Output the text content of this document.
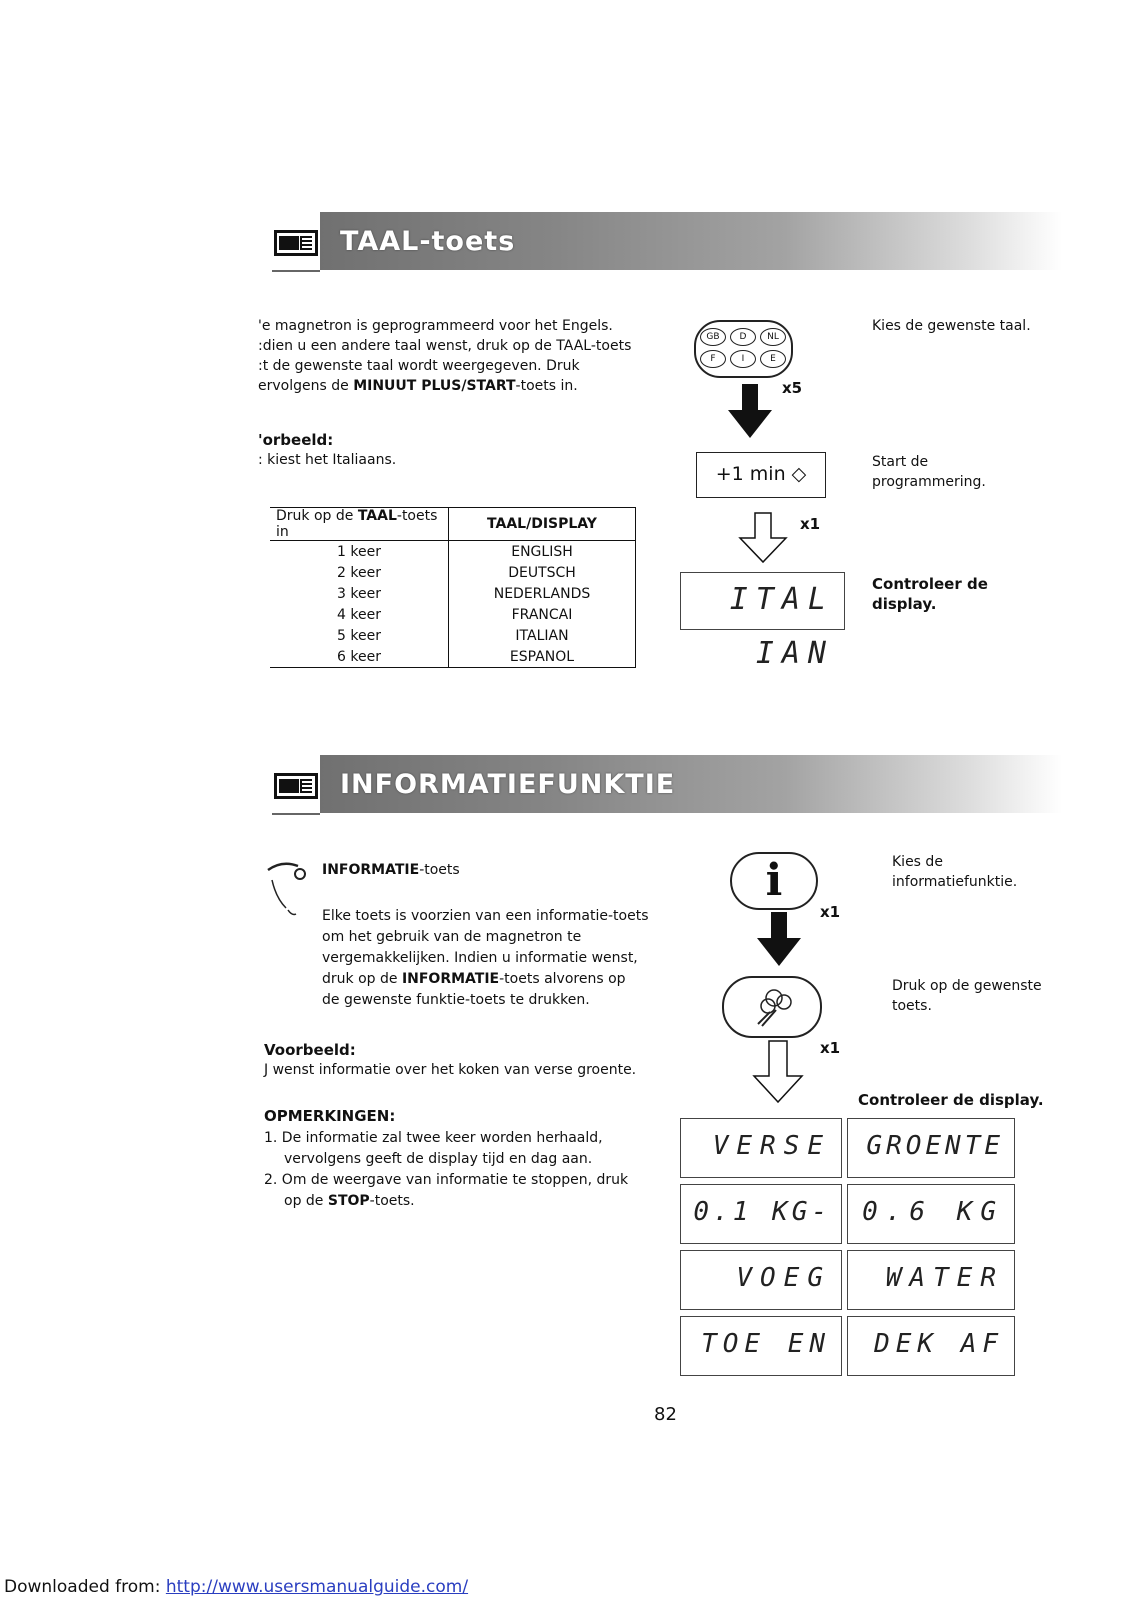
TAAL-toets
'e magnetron is geprogrammeerd voor het Engels.
:dien u een andere taal wenst, druk op de TAAL-toets
:t de gewenste taal wordt weergegeven. Druk
ervolgens de MINUUT PLUS/START-toets in.
'orbeeld:
: kiest het Italiaans.
Druk op de TAAL-toets in	TAAL/DISPLAY
1 keer	ENGLISH
2 keer	DEUTSCH
3 keer	NEDERLANDS
4 keer	FRANCAI
5 keer	ITALIAN
6 keer	ESPANOL
GB	D	NL
F	I	E
x5
Kies de gewenste taal.
+1 min ◇
Start de
programmering.
x1
ITAL IAN
Controleer de
display.
INFORMATIEFUNKTIE
INFORMATIE-toets
Elke toets is voorzien van een informatie-toets
om het gebruik van de magnetron te
vergemakkelijken. Indien u informatie wenst,
druk op de INFORMATIE-toets alvorens op
de gewenste funktie-toets te drukken.
Voorbeeld:
J wenst informatie over het koken van verse groente.
OPMERKINGEN:
1. De informatie zal twee keer worden herhaald,
vervolgens geeft de display tijd en dag aan.
2. Om de weergave van informatie te stoppen, druk
op de STOP-toets.
i
x1
Kies de
informatiefunktie.
x1
Druk op de gewenste
toets.
Controleer de display.
VERSE	GROENTE
0.1 KG-	0.6 KG
VOEG	WATER
TOE EN	DEK AF
82
Downloaded from: http://www.usersmanualguide.com/
